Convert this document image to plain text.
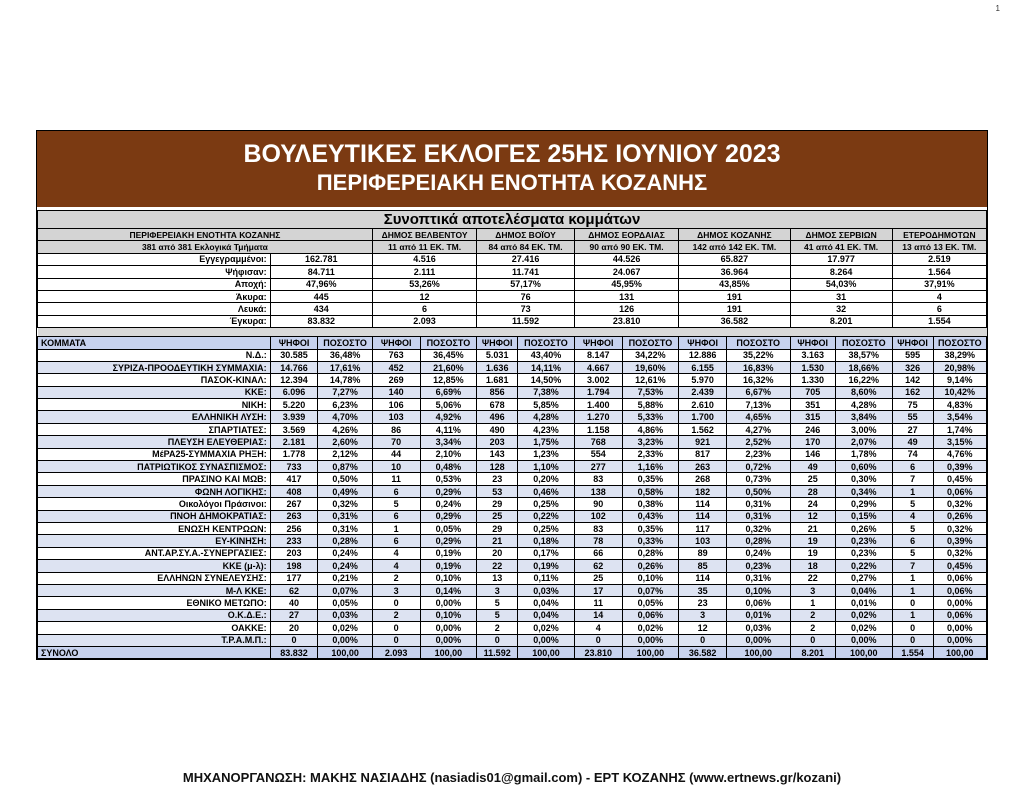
1
ΒΟΥΛΕΥΤΙΚΕΣ ΕΚΛΟΓΕΣ 25ΗΣ ΙΟΥΝΙΟΥ 2023
ΠΕΡΙΦΕΡΕΙΑΚΗ ΕΝΟΤΗΤΑ ΚΟΖΑΝΗΣ
Συνοπτικά αποτελέσματα κομμάτων														
ΠΕΡΙΦΕΡΕΙΑΚΗ ΕΝΟΤΗΤΑ ΚΟΖΑΝΗΣ			ΔΗΜΟΣ ΒΕΛΒΕΝΤΟΥ		ΔΗΜΟΣ ΒΟΪΟΥ		ΔΗΜΟΣ ΕΟΡΔΑΙΑΣ		ΔΗΜΟΣ ΚΟΖΑΝΗΣ		ΔΗΜΟΣ ΣΕΡΒΙΩΝ		ΕΤΕΡΟΔΗΜΟΤΩΝ	
381 από 381 Εκλογικά Τμήματα			11 από 11 ΕΚ. ΤΜ.		84 από 84 ΕΚ. ΤΜ.		90 από 90 ΕΚ. ΤΜ.		142 από 142 ΕΚ. ΤΜ.		41 από 41 ΕΚ. ΤΜ.		13 από 13 ΕΚ. ΤΜ.	
Εγγεγραμμένοι:	162.781		4.516		27.416		44.526		65.827		17.977		2.519	
Ψήφισαν:	84.711		2.111		11.741		24.067		36.964		8.264		1.564	
Αποχή:	47,96%		53,26%		57,17%		45,95%		43,85%		54,03%		37,91%	
Άκυρα:	445		12		76		131		191		31		4	
Λευκά:	434		6		73		126		191		32		6	
Έγκυρα:	83.832		2.093		11.592		23.810		36.582		8.201		1.554	

ΚΟΜΜΑΤΑ	ΨΗΦΟΙ	ΠΟΣΟΣΤΟ	ΨΗΦΟΙ	ΠΟΣΟΣΤΟ	ΨΗΦΟΙ	ΠΟΣΟΣΤΟ	ΨΗΦΟΙ	ΠΟΣΟΣΤΟ	ΨΗΦΟΙ	ΠΟΣΟΣΤΟ	ΨΗΦΟΙ	ΠΟΣΟΣΤΟ	ΨΗΦΟΙ	ΠΟΣΟΣΤΟ
Ν.Δ.:	30.585	36,48%	763	36,45%	5.031	43,40%	8.147	34,22%	12.886	35,22%	3.163	38,57%	595	38,29%
ΣΥΡΙΖΑ-ΠΡΟΟΔΕΥΤΙΚΗ ΣΥΜΜΑΧΙΑ:	14.766	17,61%	452	21,60%	1.636	14,11%	4.667	19,60%	6.155	16,83%	1.530	18,66%	326	20,98%
ΠΑΣΟΚ-ΚΙΝΑΛ:	12.394	14,78%	269	12,85%	1.681	14,50%	3.002	12,61%	5.970	16,32%	1.330	16,22%	142	9,14%
ΚΚΕ:	6.096	7,27%	140	6,69%	856	7,38%	1.794	7,53%	2.439	6,67%	705	8,60%	162	10,42%
ΝΙΚΗ:	5.220	6,23%	106	5,06%	678	5,85%	1.400	5,88%	2.610	7,13%	351	4,28%	75	4,83%
ΕΛΛΗΝΙΚΗ ΛΥΣΗ:	3.939	4,70%	103	4,92%	496	4,28%	1.270	5,33%	1.700	4,65%	315	3,84%	55	3,54%
ΣΠΑΡΤΙΑΤΕΣ:	3.569	4,26%	86	4,11%	490	4,23%	1.158	4,86%	1.562	4,27%	246	3,00%	27	1,74%
ΠΛΕΥΣΗ ΕΛΕΥΘΕΡΙΑΣ:	2.181	2,60%	70	3,34%	203	1,75%	768	3,23%	921	2,52%	170	2,07%	49	3,15%
ΜέΡΑ25-ΣΥΜΜΑΧΙΑ ΡΗΞΗ:	1.778	2,12%	44	2,10%	143	1,23%	554	2,33%	817	2,23%	146	1,78%	74	4,76%
ΠΑΤΡΙΩΤΙΚΟΣ ΣΥΝΑΣΠΙΣΜΟΣ:	733	0,87%	10	0,48%	128	1,10%	277	1,16%	263	0,72%	49	0,60%	6	0,39%
ΠΡΑΣΙΝΟ ΚΑΙ ΜΩΒ:	417	0,50%	11	0,53%	23	0,20%	83	0,35%	268	0,73%	25	0,30%	7	0,45%
ΦΩΝΗ ΛΟΓΙΚΗΣ:	408	0,49%	6	0,29%	53	0,46%	138	0,58%	182	0,50%	28	0,34%	1	0,06%
Οικολόγοι Πράσινοι:	267	0,32%	5	0,24%	29	0,25%	90	0,38%	114	0,31%	24	0,29%	5	0,32%
ΠΝΟΗ ΔΗΜΟΚΡΑΤΙΑΣ:	263	0,31%	6	0,29%	25	0,22%	102	0,43%	114	0,31%	12	0,15%	4	0,26%
ΕΝΩΣΗ ΚΕΝΤΡΩΩΝ:	256	0,31%	1	0,05%	29	0,25%	83	0,35%	117	0,32%	21	0,26%	5	0,32%
ΕΥ-ΚΙΝΗΣΗ:	233	0,28%	6	0,29%	21	0,18%	78	0,33%	103	0,28%	19	0,23%	6	0,39%
ΑΝΤ.ΑΡ.ΣΥ.Α.-ΣΥΝΕΡΓΑΣΙΕΣ:	203	0,24%	4	0,19%	20	0,17%	66	0,28%	89	0,24%	19	0,23%	5	0,32%
ΚΚΕ (μ-λ):	198	0,24%	4	0,19%	22	0,19%	62	0,26%	85	0,23%	18	0,22%	7	0,45%
ΕΛΛΗΝΩΝ ΣΥΝΕΛΕΥΣΗΣ:	177	0,21%	2	0,10%	13	0,11%	25	0,10%	114	0,31%	22	0,27%	1	0,06%
Μ-Λ ΚΚΕ:	62	0,07%	3	0,14%	3	0,03%	17	0,07%	35	0,10%	3	0,04%	1	0,06%
ΕΘΝΙΚΟ ΜΕΤΩΠΟ:	40	0,05%	0	0,00%	5	0,04%	11	0,05%	23	0,06%	1	0,01%	0	0,00%
Ο.Κ.Δ.Ε.:	27	0,03%	2	0,10%	5	0,04%	14	0,06%	3	0,01%	2	0,02%	1	0,06%
ΟΑΚΚΕ:	20	0,02%	0	0,00%	2	0,02%	4	0,02%	12	0,03%	2	0,02%	0	0,00%
Τ.Ρ.Α.Μ.Π.:	0	0,00%	0	0,00%	0	0,00%	0	0,00%	0	0,00%	0	0,00%	0	0,00%
ΣΥΝΟΛΟ	83.832	100,00	2.093	100,00	11.592	100,00	23.810	100,00	36.582	100,00	8.201	100,00	1.554	100,00
ΜΗΧΑΝΟΡΓΑΝΩΣΗ: ΜΑΚΗΣ ΝΑΣΙΑΔΗΣ (nasiadis01@gmail.com) - ΕΡΤ ΚΟΖΑΝΗΣ (www.ertnews.gr/kozani)
